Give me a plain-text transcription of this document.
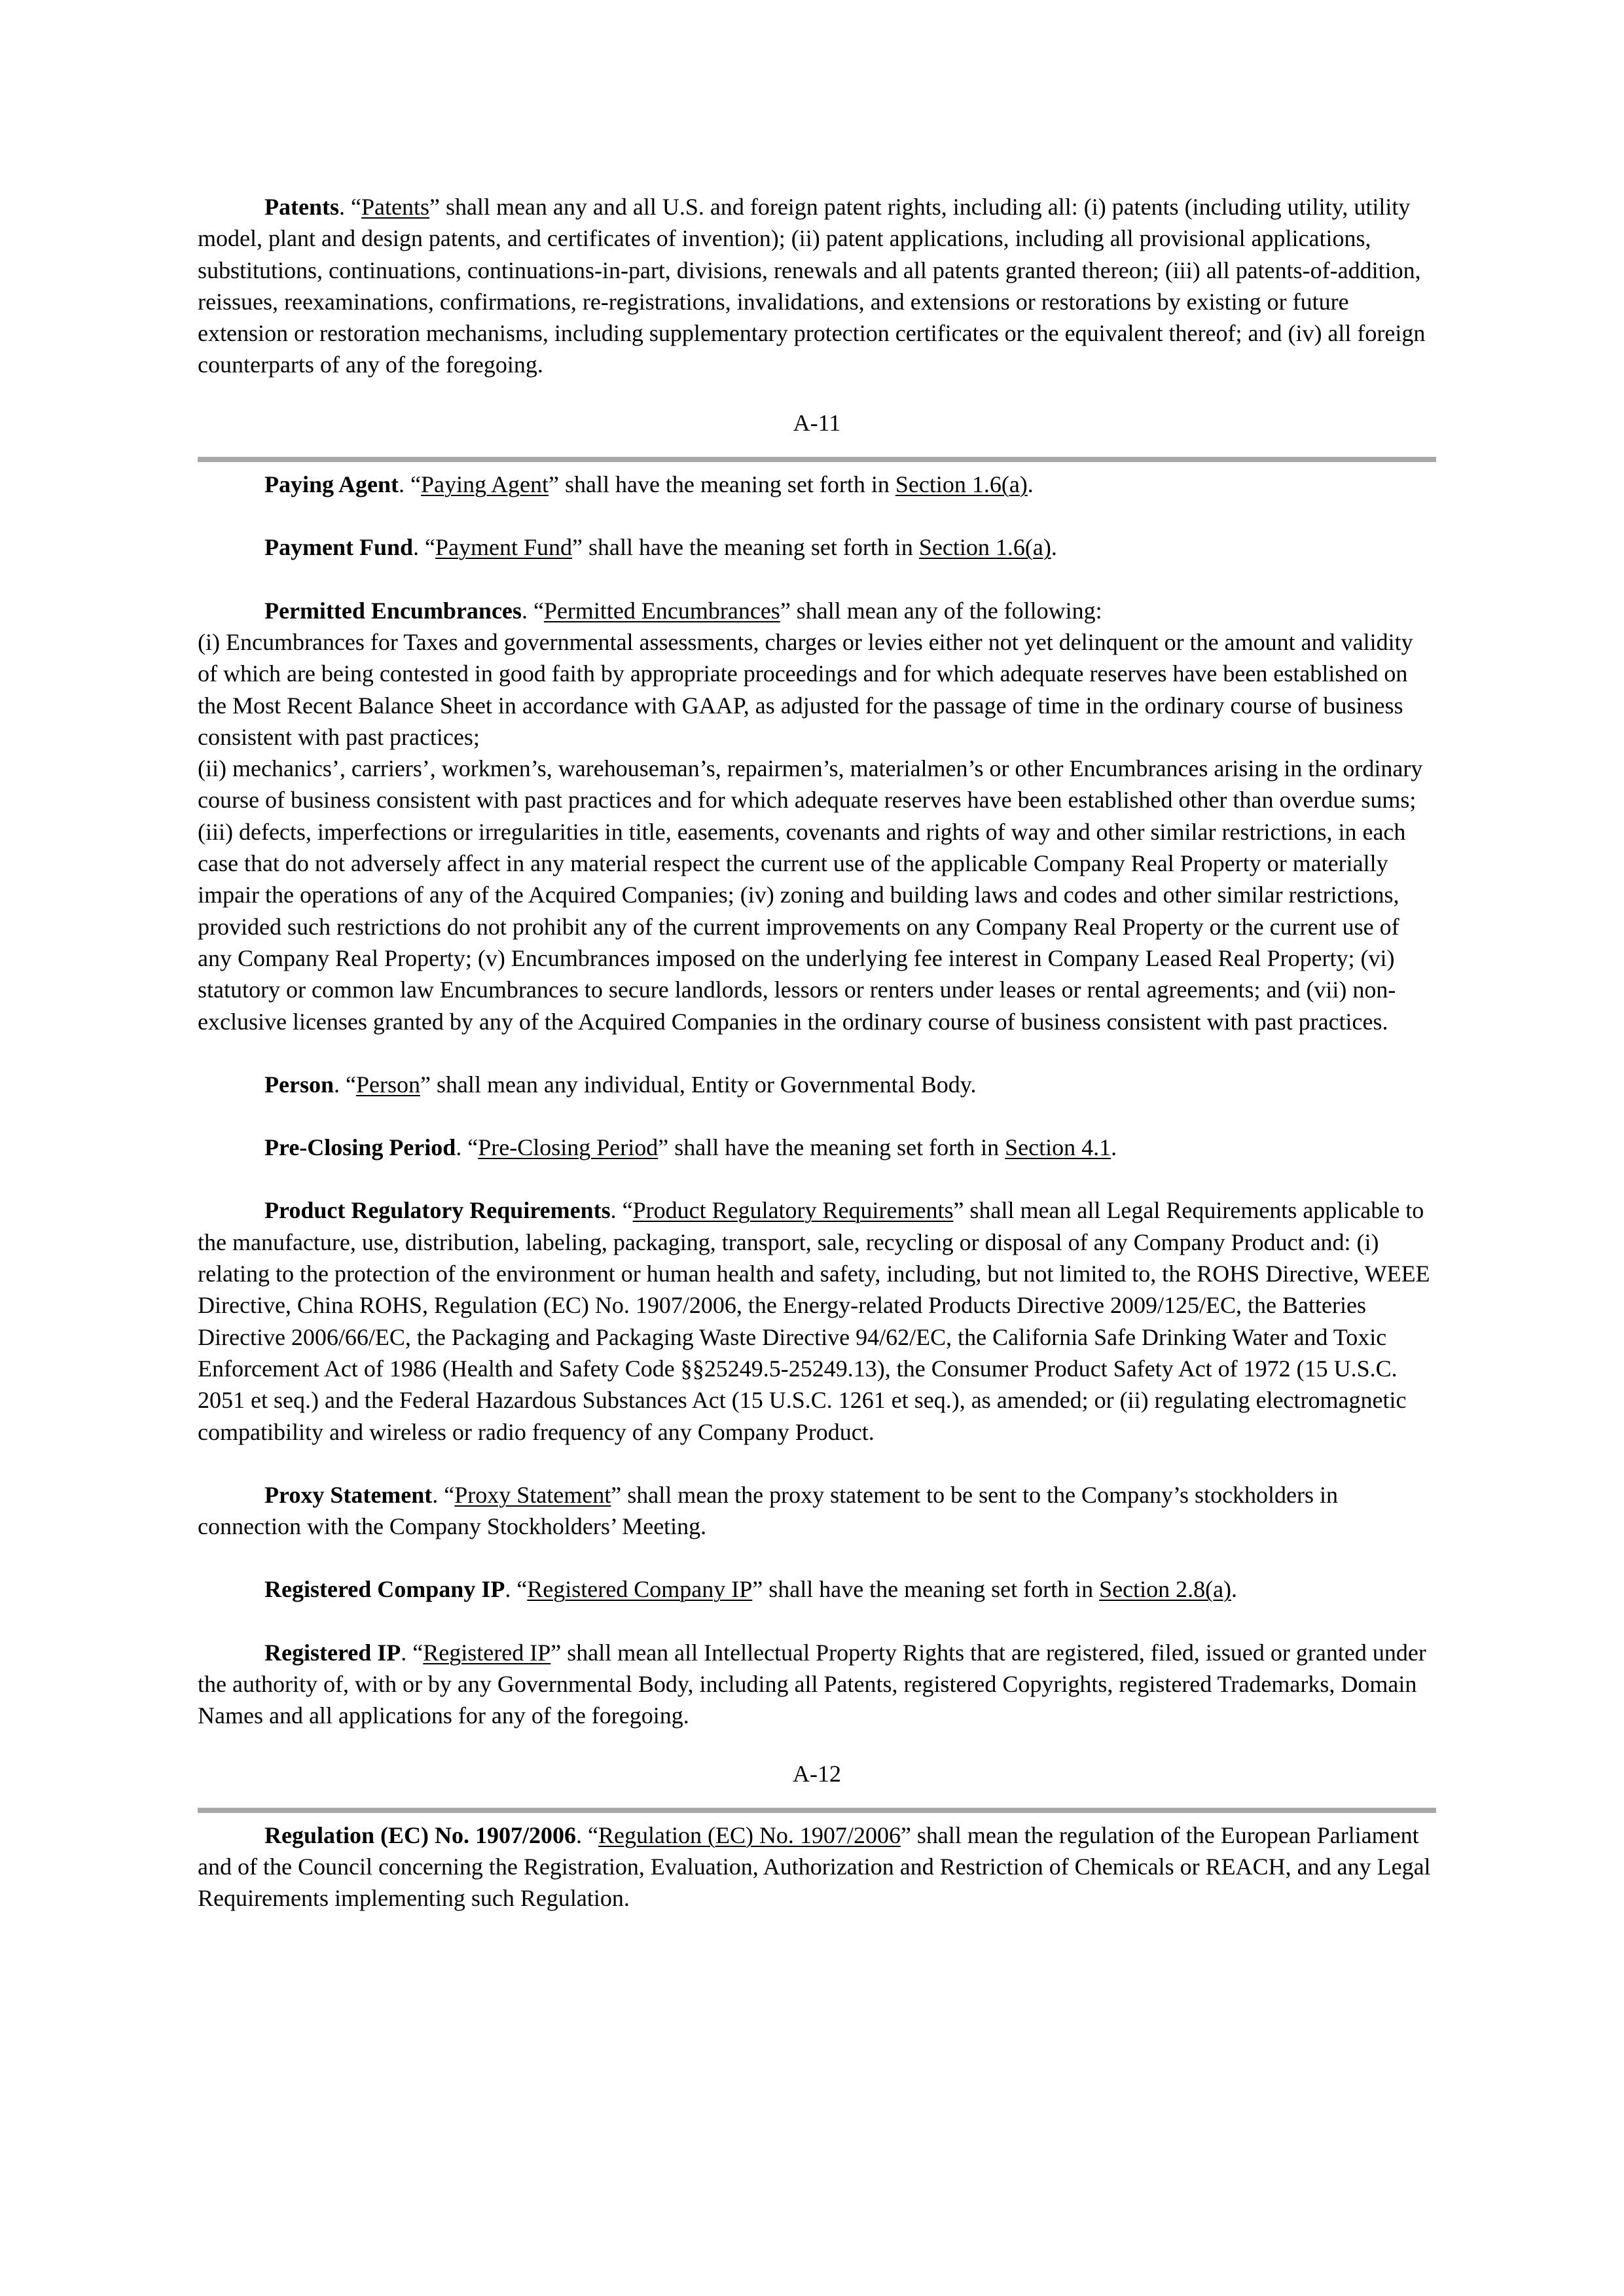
Patents. “Patents” shall mean any and all U.S. and foreign patent rights, including all: (i) patents (including utility, utility model, plant and design patents, and certificates of invention); (ii) patent applications, including all provisional applications, substitutions, continuations, continuations-in-part, divisions, renewals and all patents granted thereon; (iii) all patents-of-addition, reissues, reexaminations, confirmations, re-registrations, invalidations, and extensions or restorations by existing or future extension or restoration mechanisms, including supplementary protection certificates or the equivalent thereof; and (iv) all foreign counterparts of any of the foregoing.

A-11

Paying Agent. “Paying Agent” shall have the meaning set forth in Section 1.6(a).

Payment Fund. “Payment Fund” shall have the meaning set forth in Section 1.6(a).

Permitted Encumbrances. “Permitted Encumbrances” shall mean any of the following:

(i) Encumbrances for Taxes and governmental assessments, charges or levies either not yet delinquent or the amount and validity of which are being contested in good faith by appropriate proceedings and for which adequate reserves have been established on the Most Recent Balance Sheet in accordance with GAAP, as adjusted for the passage of time in the ordinary course of business consistent with past practices;

(ii) mechanics’, carriers’, workmen’s, warehouseman’s, repairmen’s, materialmen’s or other Encumbrances arising in the ordinary course of business consistent with past practices and for which adequate reserves have been established other than overdue sums; (iii) defects, imperfections or irregularities in title, easements, covenants and rights of way and other similar restrictions, in each case that do not adversely affect in any material respect the current use of the applicable Company Real Property or materially impair the operations of any of the Acquired Companies; (iv) zoning and building laws and codes and other similar restrictions, provided such restrictions do not prohibit any of the current improvements on any Company Real Property or the current use of any Company Real Property; (v) Encumbrances imposed on the underlying fee interest in Company Leased Real Property; (vi) statutory or common law Encumbrances to secure landlords, lessors or renters under leases or rental agreements; and (vii) non-exclusive licenses granted by any of the Acquired Companies in the ordinary course of business consistent with past practices.

Person. “Person” shall mean any individual, Entity or Governmental Body.

Pre-Closing Period. “Pre-Closing Period” shall have the meaning set forth in Section 4.1.

Product Regulatory Requirements. “Product Regulatory Requirements” shall mean all Legal Requirements applicable to the manufacture, use, distribution, labeling, packaging, transport, sale, recycling or disposal of any Company Product and: (i) relating to the protection of the environment or human health and safety, including, but not limited to, the ROHS Directive, WEEE Directive, China ROHS, Regulation (EC) No. 1907/2006, the Energy-related Products Directive 2009/125/EC, the Batteries Directive 2006/66/EC, the Packaging and Packaging Waste Directive 94/62/EC, the California Safe Drinking Water and Toxic Enforcement Act of 1986 (Health and Safety Code §§25249.5-25249.13), the Consumer Product Safety Act of 1972 (15 U.S.C. 2051 et seq.) and the Federal Hazardous Substances Act (15 U.S.C. 1261 et seq.), as amended; or (ii) regulating electromagnetic compatibility and wireless or radio frequency of any Company Product.

Proxy Statement. “Proxy Statement” shall mean the proxy statement to be sent to the Company’s stockholders in connection with the Company Stockholders’ Meeting.

Registered Company IP. “Registered Company IP” shall have the meaning set forth in Section 2.8(a).

Registered IP. “Registered IP” shall mean all Intellectual Property Rights that are registered, filed, issued or granted under the authority of, with or by any Governmental Body, including all Patents, registered Copyrights, registered Trademarks, Domain Names and all applications for any of the foregoing.

A-12

Regulation (EC) No. 1907/2006. “Regulation (EC) No. 1907/2006” shall mean the regulation of the European Parliament and of the Council concerning the Registration, Evaluation, Authorization and Restriction of Chemicals or REACH, and any Legal Requirements implementing such Regulation.
